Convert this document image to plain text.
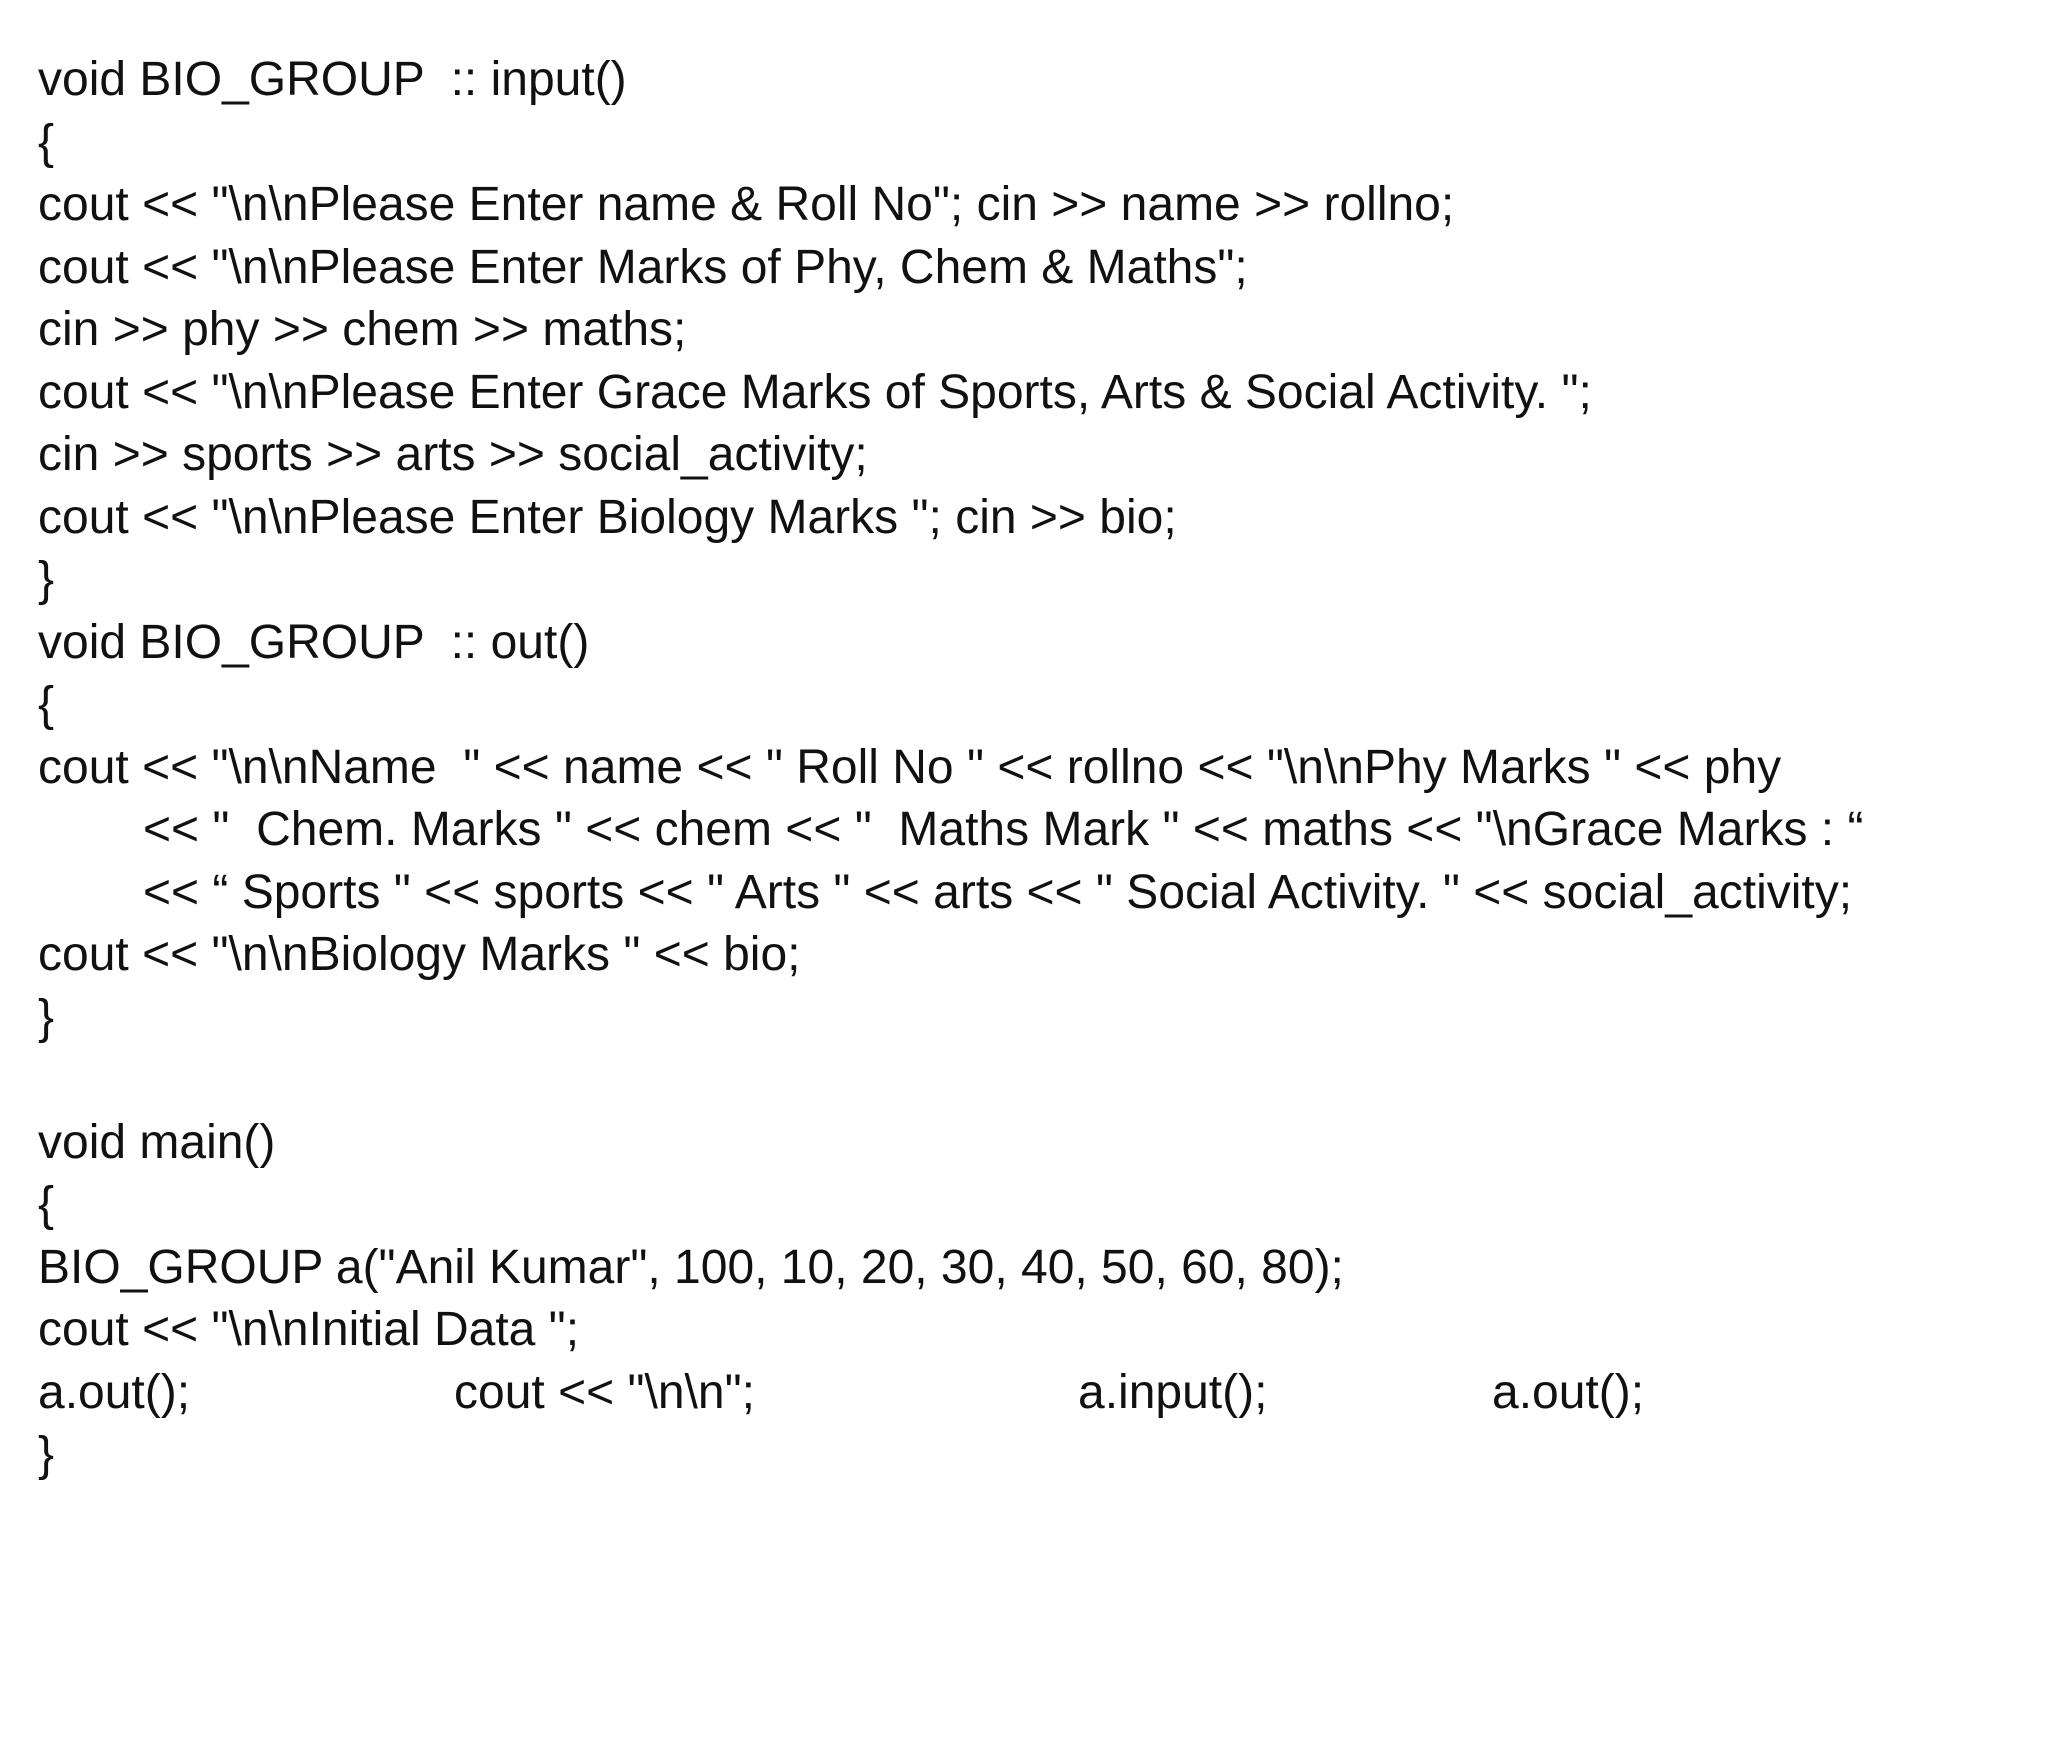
void BIO_GROUP  :: input()
{
cout << "\n\nPlease Enter name & Roll No"; cin >> name >> rollno;
cout << "\n\nPlease Enter Marks of Phy, Chem & Maths";
cin >> phy >> chem >> maths;
cout << "\n\nPlease Enter Grace Marks of Sports, Arts & Social Activity. ";
cin >> sports >> arts >> social_activity;
cout << "\n\nPlease Enter Biology Marks "; cin >> bio;
}
void BIO_GROUP  :: out()
{
cout << "\n\nName  " << name << " Roll No " << rollno << "\n\nPhy Marks " << phy
<< "  Chem. Marks " << chem << "  Maths Mark " << maths << "\nGrace Marks : “
<< “ Sports " << sports << " Arts " << arts << " Social Activity. " << social_activity;
cout << "\n\nBiology Marks " << bio;
}
void main()
{
BIO_GROUP a("Anil Kumar", 100, 10, 20, 30, 40, 50, 60, 80);
cout << "\n\nInitial Data ";

a.out();

	cout << "\n\n";

	a.input();

	a.out();

}
